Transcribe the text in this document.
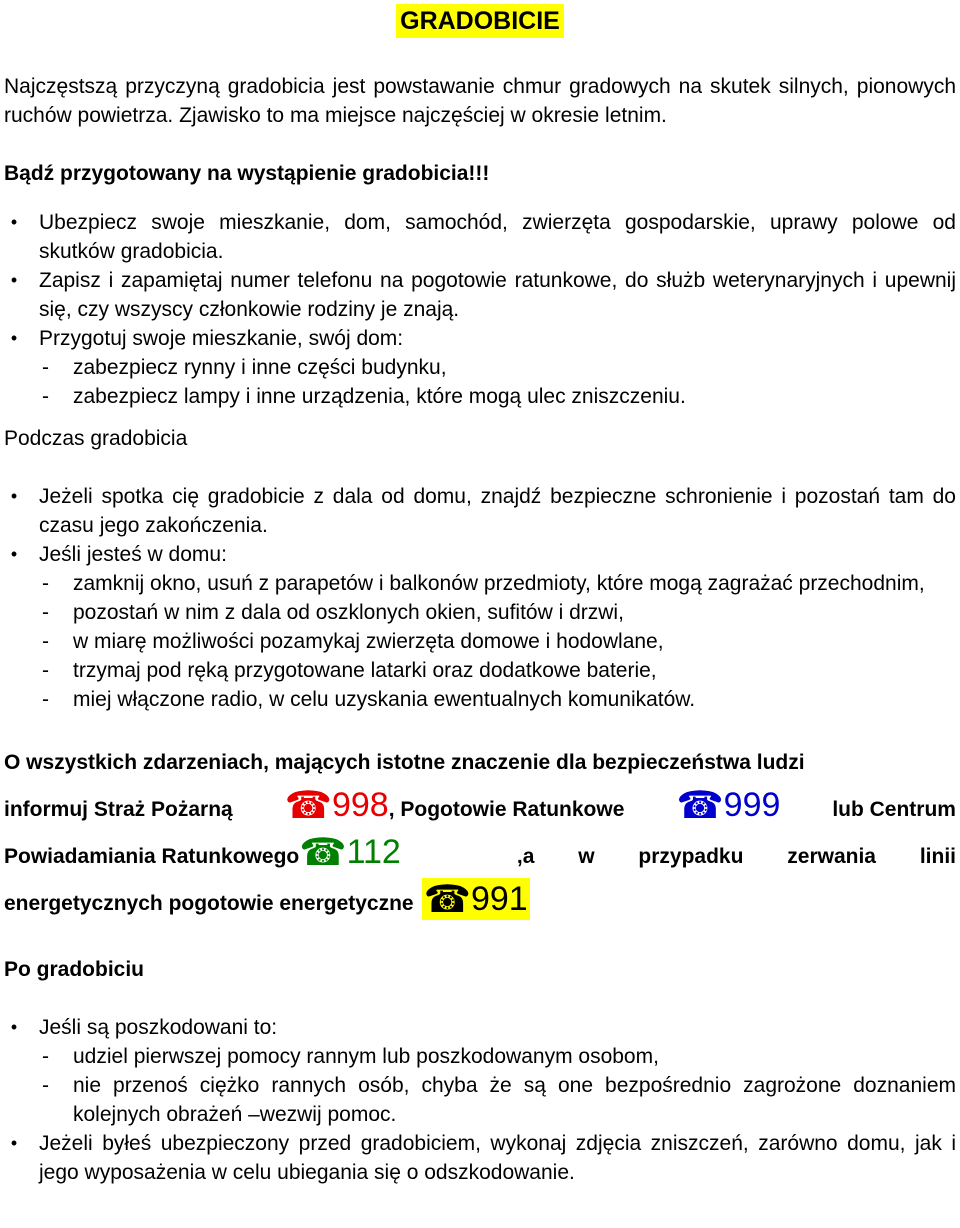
GRADOBICIE

Najczęstszą przyczyną gradobicia jest powstawanie chmur gradowych na skutek silnych, pionowych ruchów powietrza. Zjawisko to ma miejsce najczęściej w okresie letnim.

Bądź przygotowany na wystąpienie gradobicia!!!

•	Ubezpiecz swoje mieszkanie, dom, samochód, zwierzęta gospodarskie, uprawy polowe od skutków gradobicia.
•	Zapisz i zapamiętaj numer telefonu na pogotowie ratunkowe, do służb weterynaryjnych i upewnij się, czy wszyscy członkowie rodziny je znają.
•	Przygotuj swoje mieszkanie, swój dom:
- zabezpiecz rynny i inne części budynku,
- zabezpiecz lampy i inne urządzenia, które mogą ulec zniszczeniu.

Podczas gradobicia

•	Jeżeli spotka cię gradobicie z dala od domu, znajdź bezpieczne schronienie i pozostań tam do czasu jego zakończenia.
•	Jeśli jesteś w domu:
- zamknij okno, usuń z parapetów i balkonów przedmioty, które mogą zagrażać przechodnim,
- pozostań w nim z dala od oszklonych okien, sufitów i drzwi,
- w miarę możliwości pozamykaj zwierzęta domowe i hodowlane,
- trzymaj pod ręką przygotowane latarki oraz dodatkowe baterie,
- miej włączone radio, w celu uzyskania ewentualnych komunikatów.
O wszystkich zdarzeniach, mających istotne znaczenie dla bezpieczeństwa ludzi
informuj Straż Pożarną ☎ 998 , Pogotowie Ratunkowe ☎ 999 lub Centrum
Powiadamiania Ratunkowego ☎ 112	,a w przypadku zerwania linii
energetycznych pogotowie energetyczne ☎ 991

Po gradobiciu

•	Jeśli są poszkodowani to:
- udziel pierwszej pomocy rannym lub poszkodowanym osobom,
- nie przenoś ciężko rannych osób, chyba że są one bezpośrednio zagrożone doznaniem kolejnych obrażeń –wezwij pomoc.
•	Jeżeli byłeś ubezpieczony przed gradobiciem, wykonaj zdjęcia zniszczeń, zarówno domu, jak i jego wyposażenia w celu ubiegania się o odszkodowanie.
